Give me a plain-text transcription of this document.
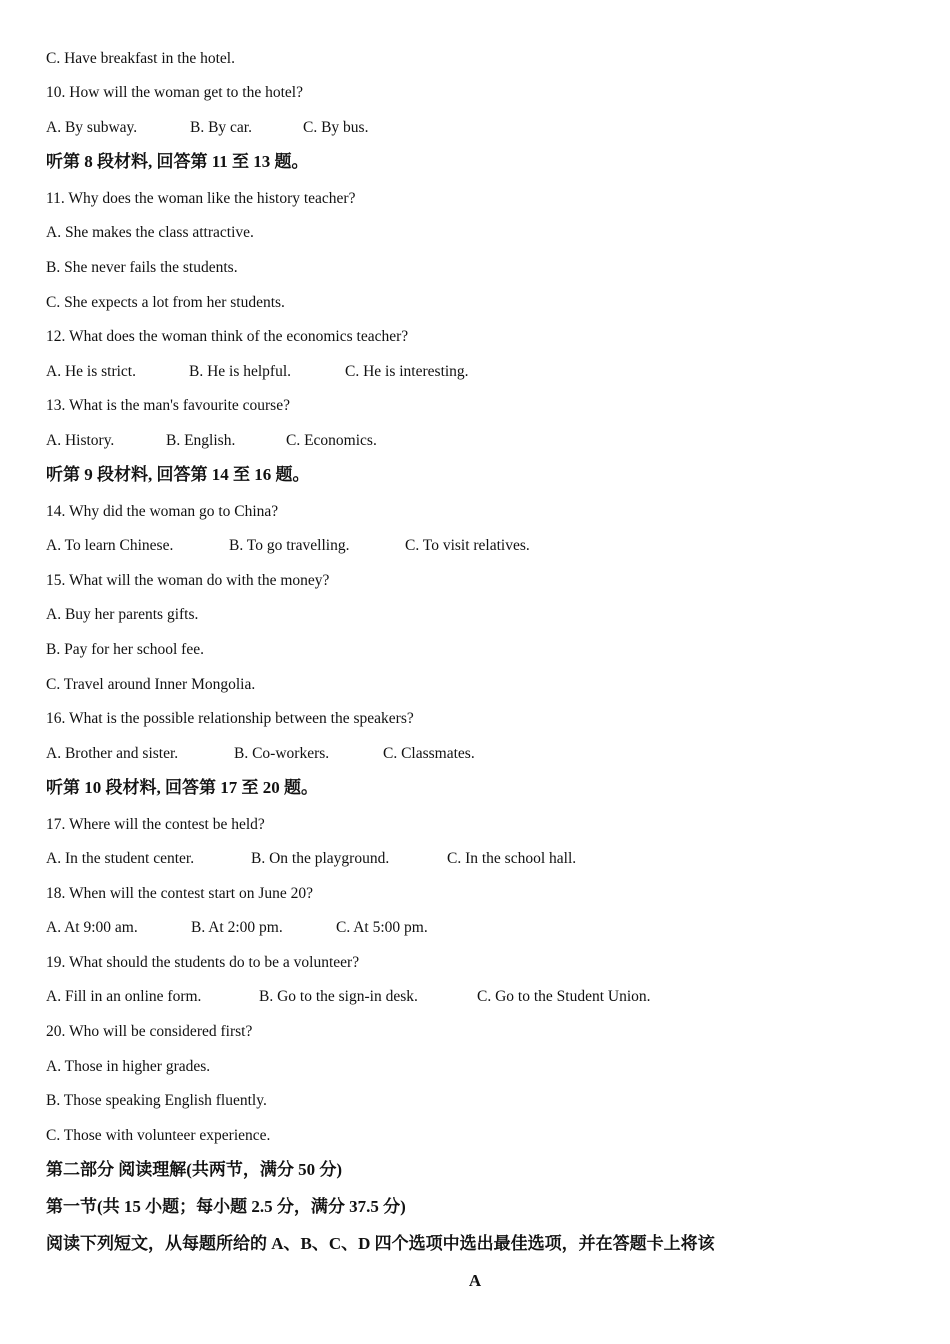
C. Have breakfast in the hotel.
10. How will the woman get to the hotel?
A. By subway.	B. By car.	C. By bus.
听第 8 段材料, 回答第 11 至 13 题。
11. Why does the woman like the history teacher?
A. She makes the class attractive.
B. She never fails the students.
C. She expects a lot from her students.
12. What does the woman think of the economics teacher?
A. He is strict.	B. He is helpful.	C. He is interesting.
13. What is the man's favourite course?
A. History.	B. English.	C. Economics.
听第 9 段材料, 回答第 14 至 16 题。
14. Why did the woman go to China?
A. To learn Chinese.	B. To go travelling.	C. To visit relatives.
15. What will the woman do with the money?
A. Buy her parents gifts.
B. Pay for her school fee.
C. Travel around Inner Mongolia.
16. What is the possible relationship between the speakers?
A. Brother and sister.	B. Co-workers.	C. Classmates.
听第 10 段材料, 回答第 17 至 20 题。
17. Where will the contest be held?
A. In the student center.	B. On the playground.	C. In the school hall.
18. When will the contest start on June 20?
A. At 9:00 am.	B. At 2:00 pm.	C. At 5:00 pm.
19. What should the students do to be a volunteer?
A. Fill in an online form.	B. Go to the sign-in desk.	C. Go to the Student Union.
20. Who will be considered first?
A. Those in higher grades.
B. Those speaking English fluently.
C. Those with volunteer experience.
第二部分 阅读理解(共两节，满分 50 分)
第一节(共 15 小题；每小题 2.5 分，满分 37.5 分)
阅读下列短文，从每题所给的 A、B、C、D 四个选项中选出最佳选项，并在答题卡上将该
A
